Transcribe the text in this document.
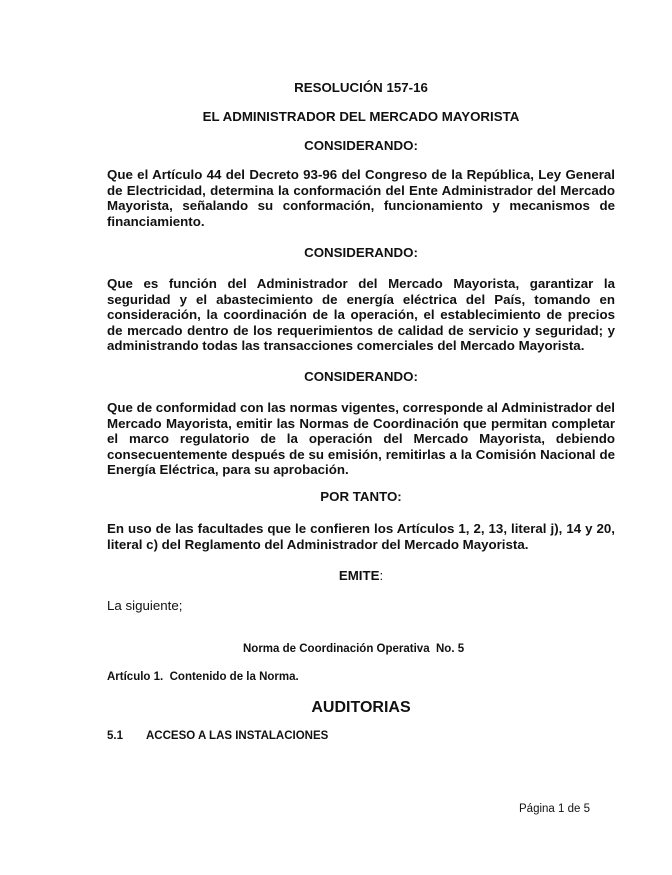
RESOLUCIÓN 157-16

EL ADMINISTRADOR DEL MERCADO MAYORISTA

CONSIDERANDO:

Que el Artículo 44 del Decreto 93-96 del Congreso de la República, Ley General de Electricidad, determina la conformación del Ente Administrador del Mercado Mayorista, señalando su conformación, funcionamiento y mecanismos de financiamiento.

CONSIDERANDO:

Que es función del Administrador del Mercado Mayorista, garantizar la seguridad y el abastecimiento de energía eléctrica del País, tomando en consideración, la coordinación de la operación, el establecimiento de precios de mercado dentro de los requerimientos de calidad de servicio y seguridad; y administrando todas las transacciones comerciales del Mercado Mayorista.

CONSIDERANDO:

Que de conformidad con las normas vigentes, corresponde al Administrador del Mercado Mayorista, emitir las Normas de Coordinación que permitan completar el marco regulatorio de la operación del Mercado Mayorista, debiendo consecuentemente después de su emisión, remitirlas a la Comisión Nacional de Energía Eléctrica, para su aprobación.

POR TANTO:

En uso de las facultades que le confieren los Artículos 1, 2, 13, literal j), 14 y 20, literal c) del Reglamento del Administrador del Mercado Mayorista.

EMITE:

La siguiente;

Norma de Coordinación Operativa  No. 5

Artículo 1.  Contenido de la Norma.

AUDITORIAS

5.1 ACCESO A LAS INSTALACIONES
Página 1 de 5
